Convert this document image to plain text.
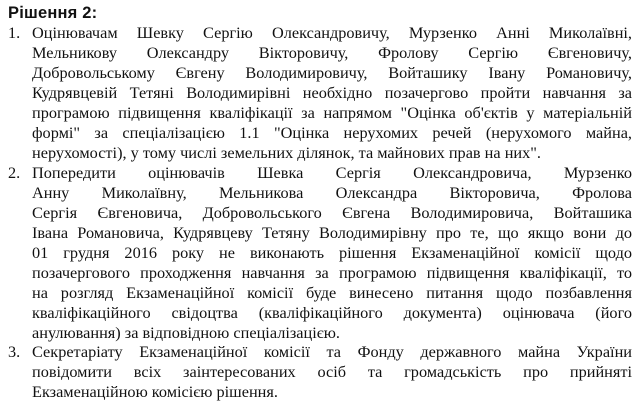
Рішення 2:
1. Оцінювачам Шевку Сергію Олександровичу, Мурзенко Анні Миколаївні,
Мельникову Олександру Вікторовичу, Фролову Сергію Євгеновичу,
Добровольському Євгену Володимировичу, Войташику Івану Романовичу,
Кудрявцевій Тетяні Володимирівні необхідно позачергово пройти навчання за
програмою підвищення кваліфікації за напрямом "Оцінка об'єктів у матеріальній
формі" за спеціалізацією 1.1 "Оцінка нерухомих речей (нерухомого майна,
нерухомості), у тому числі земельних ділянок, та майнових прав на них".
2. Попередити оцінювачів Шевка Сергія Олександровича, Мурзенко
Анну Миколаївну, Мельникова Олександра Вікторовича, Фролова
Сергія Євгеновича, Добровольського Євгена Володимировича, Войташика
Івана Романовича, Кудрявцеву Тетяну Володимирівну про те, що якщо вони до
01 грудня 2016 року не виконають рішення Екзаменаційної комісії щодо
позачергового проходження навчання за програмою підвищення кваліфікації, то
на розгляд Екзаменаційної комісії буде винесено питання щодо позбавлення
кваліфікаційного свідоцтва (кваліфікаційного документа) оцінювача (його
анулювання) за відповідною спеціалізацією.
3. Секретаріату Екзаменаційної комісії та Фонду державного майна України
повідомити всіх заінтересованих осіб та громадськість про прийняті
Екзаменаційною комісією рішення.
